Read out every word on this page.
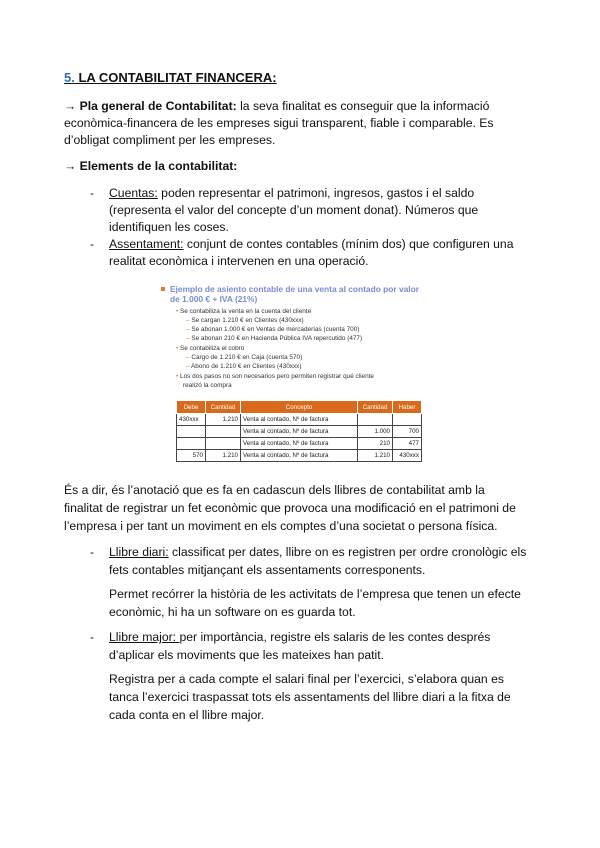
5. LA CONTABILITAT FINANCERA:
→ Pla general de Contabilitat: la seva finalitat es conseguir que la informació
econòmica-financera de les empreses sigui transparent, fiable i comparable. Es
d’obligat compliment per les empreses.
→ Elements de la contabilitat:
- Cuentas: poden representar el patrimoni, ingresos, gastos i el saldo
(representa el valor del concepte d’un moment donat). Números que
identifiquen les coses.
- Assentament: conjunt de contes contables (mínim dos) que configuren una
realitat econòmica i intervenen en una operació.
Ejemplo de asiento contable de una venta al contado por valor de 1.000 € + IVA (21%)
• Se contabiliza la venta en la cuenta del cliente
– Se cargan 1.210 € en Clientes (430xxx)
– Se abonan 1.000 € en Ventas de mercaderías (cuenta 700)
– Se abonan 210 € en Hacienda Pública IVA repercutido (477)
• Se contabiliza el cobro
– Cargo de 1.210 € en Caja (cuenta 570)
– Abono de 1.210 € en Clientes (430xxx)
• Los dos pasos no son necesarios pero permiten registrar qué cliente
realizó la compra
Debe	Cantidad	Concepto	Cantidad	Haber
430xxx	1.210	Venta al contado, Nº de factura		
		Venta al contado, Nº de factura	1.000	700
		Venta al contado, Nº de factura	210	477
570	1.210	Venta al contado, Nº de factura	1.210	430xxx
És a dir, és l’anotació que es fa en cadascun dels llibres de contabilitat amb la
finalitat de registrar un fet econòmic que provoca una modificació en el patrimoni de
l’empresa i per tant un moviment en els comptes d’una societat o persona física.
- Llibre diari: classificat per dates, llibre on es registren per ordre cronològic els
fets contables mitjançant els assentaments corresponents.
Permet recórrer la història de les activitats de l’empresa que tenen un efecte
econòmic, hi ha un software on es guarda tot.
- Llibre major: per importància, registre els salaris de les contes després
d’aplicar els moviments que les mateixes han patit.
Registra per a cada compte el salari final per l’exercici, s’elabora quan es
tanca l’exercici traspassat tots els assentaments del llibre diari a la fitxa de
cada conta en el llibre major.
